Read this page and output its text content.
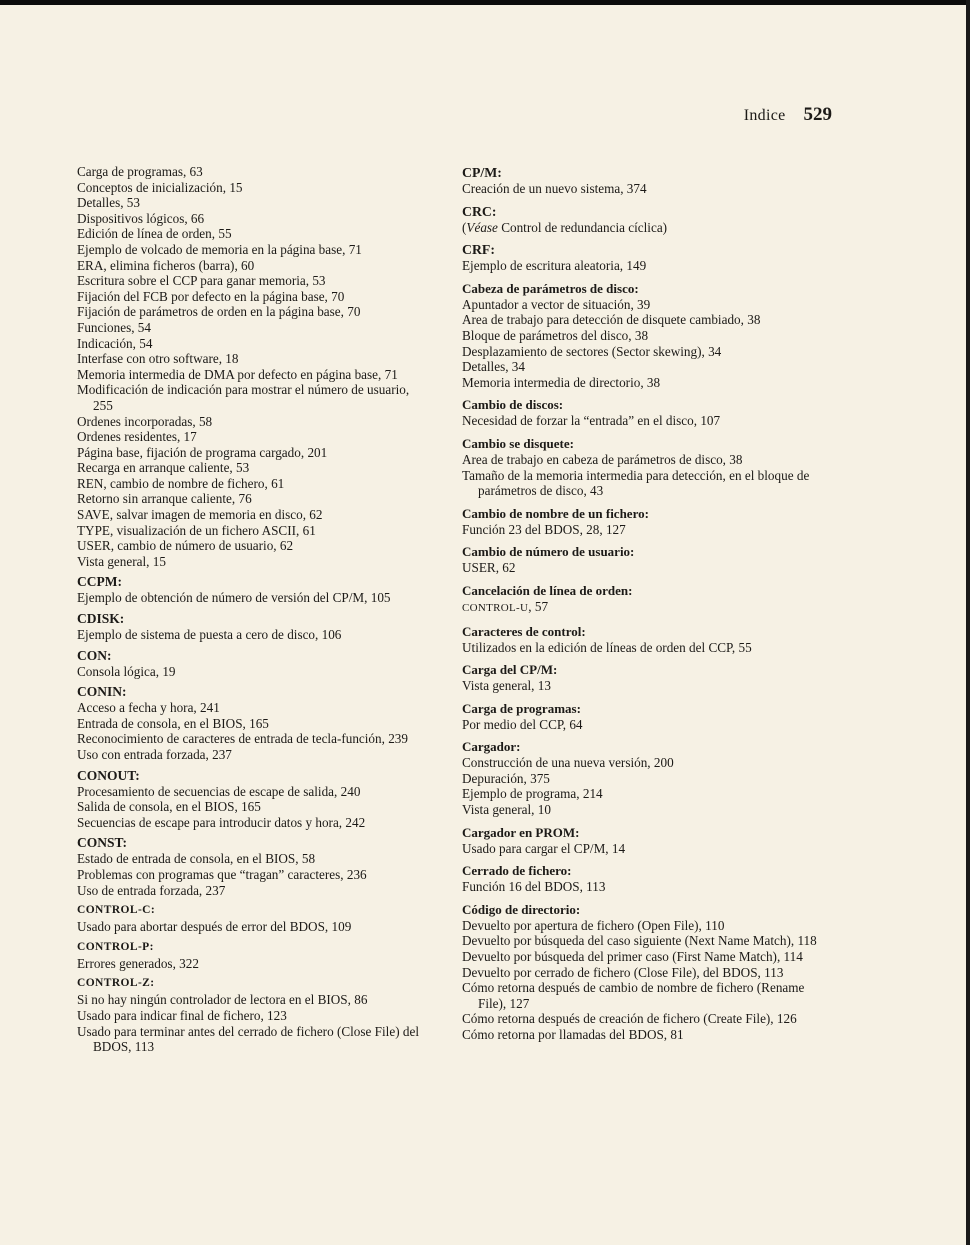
Indice 529
Carga de programas, 63
Conceptos de inicialización, 15
Detalles, 53
Dispositivos lógicos, 66
Edición de línea de orden, 55
Ejemplo de volcado de memoria en la página base, 71
ERA, elimina ficheros (barra), 60
Escritura sobre el CCP para ganar memoria, 53
Fijación del FCB por defecto en la página base, 70
Fijación de parámetros de orden en la página base, 70
Funciones, 54
Indicación, 54
Interfase con otro software, 18
Memoria intermedia de DMA por defecto en página base, 71
Modificación de indicación para mostrar el número de usuario, 255
Ordenes incorporadas, 58
Ordenes residentes, 17
Página base, fijación de programa cargado, 201
Recarga en arranque caliente, 53
REN, cambio de nombre de fichero, 61
Retorno sin arranque caliente, 76
SAVE, salvar imagen de memoria en disco, 62
TYPE, visualización de un fichero ASCII, 61
USER, cambio de número de usuario, 62
Vista general, 15
CCPM:
Ejemplo de obtención de número de versión del CP/M, 105
CDISK:
Ejemplo de sistema de puesta a cero de disco, 106
CON:
Consola lógica, 19
CONIN:
Acceso a fecha y hora, 241
Entrada de consola, en el BIOS, 165
Reconocimiento de caracteres de entrada de tecla-función, 239
Uso con entrada forzada, 237
CONOUT:
Procesamiento de secuencias de escape de salida, 240
Salida de consola, en el BIOS, 165
Secuencias de escape para introducir datos y hora, 242
CONST:
Estado de entrada de consola, en el BIOS, 58
Problemas con programas que “tragan” caracteres, 236
Uso de entrada forzada, 237
CONTROL-C:
Usado para abortar después de error del BDOS, 109
CONTROL-P:
Errores generados, 322
CONTROL-Z:
Si no hay ningún controlador de lectora en el BIOS, 86
Usado para indicar final de fichero, 123
Usado para terminar antes del cerrado de fichero (Close File) del BDOS, 113
CP/M:
Creación de un nuevo sistema, 374
CRC:
(Véase Control de redundancia cíclica)
CRF:
Ejemplo de escritura aleatoria, 149
Cabeza de parámetros de disco:
Apuntador a vector de situación, 39
Area de trabajo para detección de disquete cambiado, 38
Bloque de parámetros del disco, 38
Desplazamiento de sectores (Sector skewing), 34
Detalles, 34
Memoria intermedia de directorio, 38
Cambio de discos:
Necesidad de forzar la “entrada” en el disco, 107
Cambio se disquete:
Area de trabajo en cabeza de parámetros de disco, 38
Tamaño de la memoria intermedia para detección, en el bloque de parámetros de disco, 43
Cambio de nombre de un fichero:
Función 23 del BDOS, 28, 127
Cambio de número de usuario:
USER, 62
Cancelación de línea de orden:
CONTROL-U, 57
Caracteres de control:
Utilizados en la edición de líneas de orden del CCP, 55
Carga del CP/M:
Vista general, 13
Carga de programas:
Por medio del CCP, 64
Cargador:
Construcción de una nueva versión, 200
Depuración, 375
Ejemplo de programa, 214
Vista general, 10
Cargador en PROM:
Usado para cargar el CP/M, 14
Cerrado de fichero:
Función 16 del BDOS, 113
Código de directorio:
Devuelto por apertura de fichero (Open File), 110
Devuelto por búsqueda del caso siguiente (Next Name Match), 118
Devuelto por búsqueda del primer caso (First Name Match), 114
Devuelto por cerrado de fichero (Close File), del BDOS, 113
Cómo retorna después de cambio de nombre de fichero (Rename File), 127
Cómo retorna después de creación de fichero (Create File), 126
Cómo retorna por llamadas del BDOS, 81
